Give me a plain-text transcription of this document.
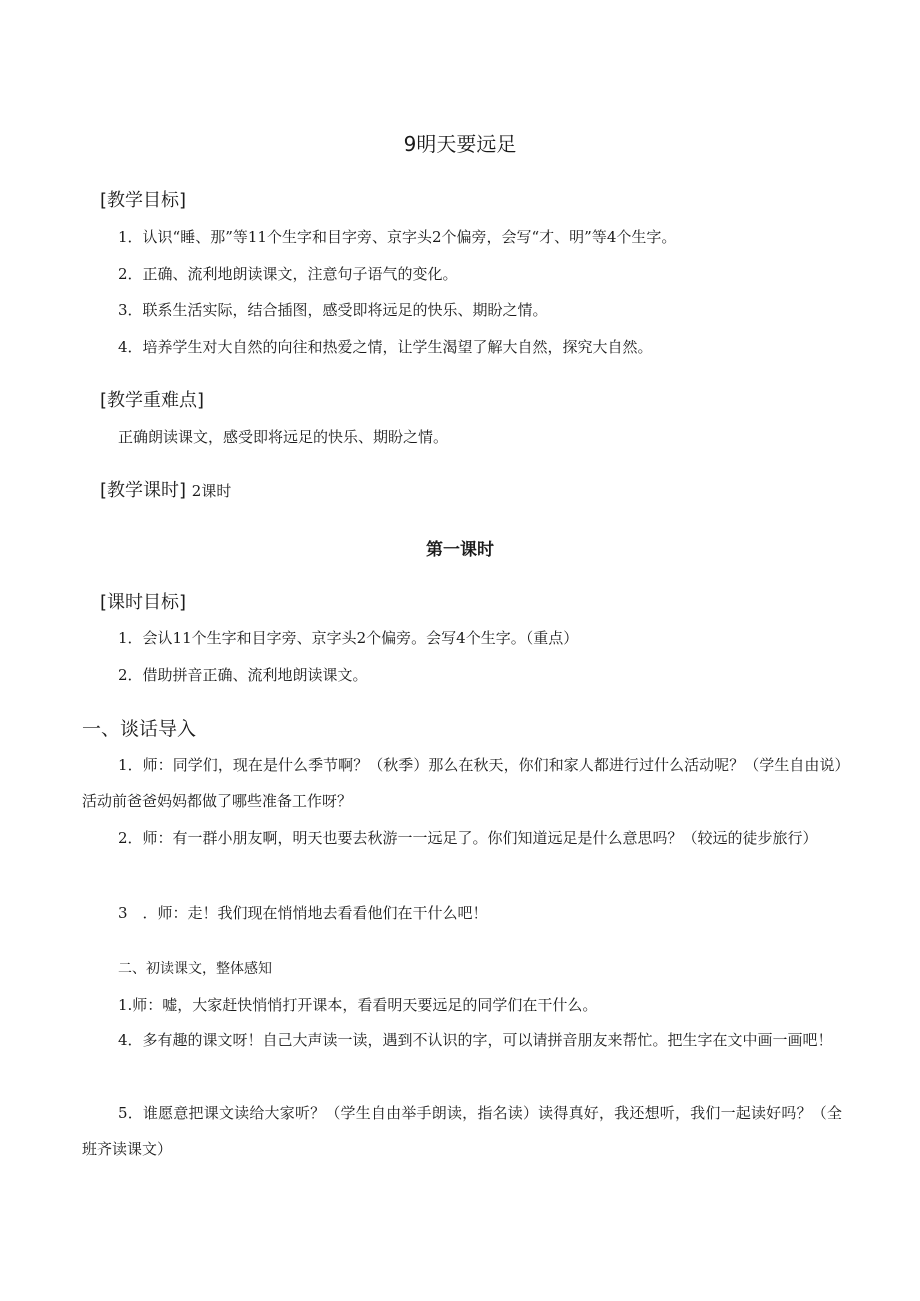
9明天要远足
[教学目标]
1．认识“睡、那”等11个生字和目字旁、京字头2个偏旁，会写“才、明”等4个生字。
2．正确、流利地朗读课文，注意句子语气的变化。
3．联系生活实际，结合插图，感受即将远足的快乐、期盼之情。
4．培养学生对大自然的向往和热爱之情，让学生渴望了解大自然，探究大自然。
[教学重难点]
正确朗读课文，感受即将远足的快乐、期盼之情。
[教学课时] 2课时
第一课时
[课时目标]
1．会认11个生字和目字旁、京字头2个偏旁。会写4个生字。（重点）
2．借助拼音正确、流利地朗读课文。
一、谈话导入
1．师：同学们，现在是什么季节啊？（秋季）那么在秋天，你们和家人都进行过什么活动呢？（学生自由说）活动前爸爸妈妈都做了哪些准备工作呀？
2．师：有一群小朋友啊，明天也要去秋游一一远足了。你们知道远足是什么意思吗？（较远的徒步旅行）
3　．师：走！我们现在悄悄地去看看他们在干什么吧！
二、初读课文，整体感知
1.师：嘘，大家赶快悄悄打开课本，看看明天要远足的同学们在干什么。
4．多有趣的课文呀！自己大声读一读，遇到不认识的字，可以请拼音朋友来帮忙。把生字在文中画一画吧！
5．谁愿意把课文读给大家听？（学生自由举手朗读，指名读）读得真好，我还想听，我们一起读好吗？（全班齐读课文）
